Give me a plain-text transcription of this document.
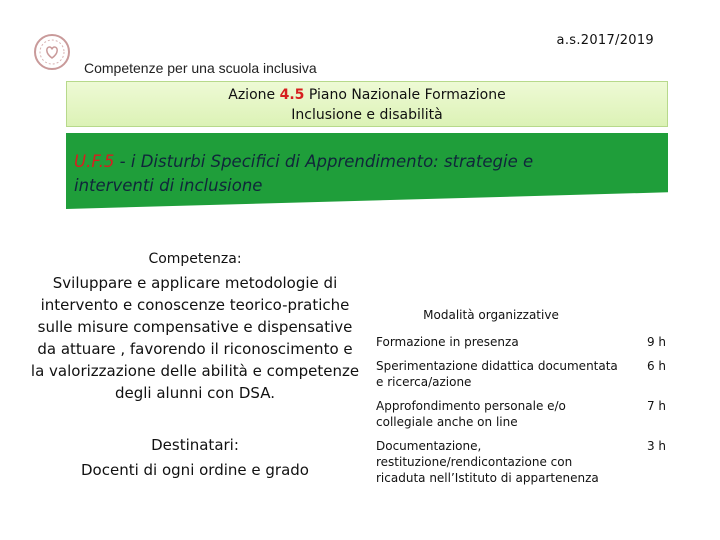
a.s.2017/2019
Competenze per una scuola inclusiva
Azione 4.5 Piano Nazionale Formazione
Inclusione e disabilità
U.F.5 - i Disturbi Specifici di Apprendimento: strategie e interventi di inclusione
Competenza:
Sviluppare e applicare metodologie di intervento e conoscenze teorico-pratiche sulle misure compensative e dispensative da attuare , favorendo il riconoscimento e la valorizzazione delle abilità e competenze degli alunni con DSA.
Destinatari:
Docenti di ogni ordine e grado
Modalità organizzative
Formazione in presenza	9 h
Sperimentazione didattica documentata e ricerca/azione
6 h
Approfondimento personale e/o collegiale anche on line
7 h
Documentazione, restituzione/rendicontazione con ricaduta nell’Istituto di appartenenza
3 h
